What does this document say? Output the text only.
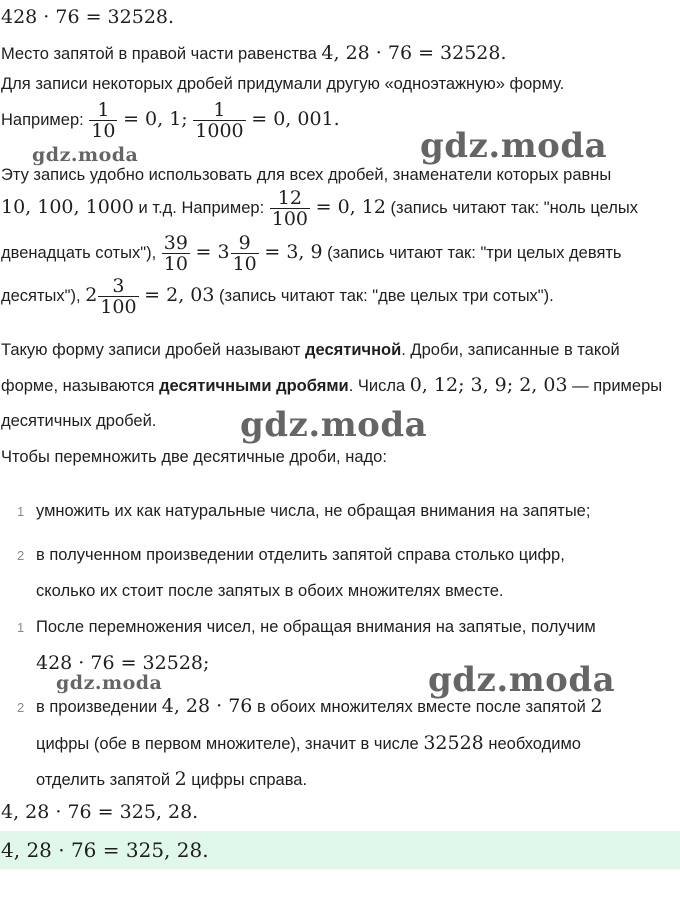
428 · 76 = 32528.
Место запятой в правой части равенства 4, 28 · 76 = 32528.
Для записи некоторых дробей придумали другую «одноэтажную» форму.
Например: $\frac{1}{10} = 0$, 1; $\frac{1}{1000} = 0$, 001.
Эту запись удобно использовать для всех дробей, знаменатели которых равны
10, 100, 1000 и т.д. Например: $\frac{12}{100} = 0$, 12 (запись читают так: "ноль целых
двенадцать сотых"), $\frac{39}{10} = 3 \frac{9}{10} = 3$, 9 (запись читают так: "три целых девять
десятых"), $2 \frac{3}{100} = 2$, 03 (запись читают так: "две целых три сотых").
Такую форму записи дробей называют десятичной. Дроби, записанные в такой
форме, называются десятичными дробями. Числа 0, 12; 3, 9; 2, 03 — примеры
десятичных дробей.
Чтобы перемножить две десятичные дроби, надо:
1 умножить их как натуральные числа, не обращая внимания на запятые;
2 в полученном произведении отделить запятой справа столько цифр,
сколько их стоит после запятых в обоих множителях вместе.
1 После перемножения чисел, не обращая внимания на запятые, получим
428 · 76 = 32528;
2 в произведении 4, 28 · 76 в обоих множителях вместе после запятой 2
цифры (обе в первом множителе), значит в числе 32528 необходимо
отделить запятой 2 цифры справа.
4, 28 · 76 = 325, 28.
4, 28 · 76 = 325, 28.
gdz.moda
gdz.moda
gdz.moda
gdz.moda	gdz.moda
